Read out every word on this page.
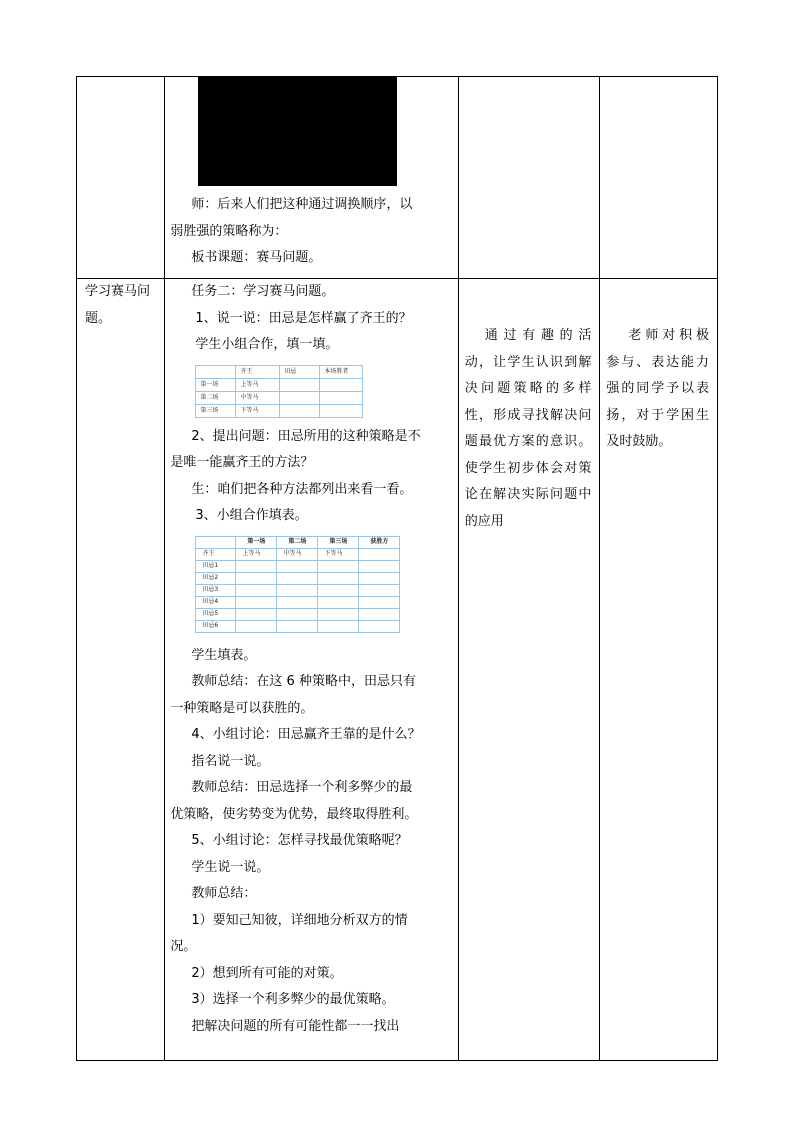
师：后来人们把这种通过调换顺序，以
弱胜强的策略称为：
板书课题：赛马问题。

学习赛马问
题。

任务二：学习赛马问题。
1、说一说：田忌是怎样赢了齐王的？
学生小组合作，填一填。
	齐王	田忌	本场胜者
第一场	上等马		
第二场	中等马		
第三场	下等马		
2、提出问题：田忌所用的这种策略是不
是唯一能赢齐王的方法？
生：咱们把各种方法都列出来看一看。
3、小组合作填表。
	第一场	第二场	第三场	获胜方
齐王	上等马	中等马	下等马	
田忌1				
田忌2				
田忌3				
田忌4				
田忌5				
田忌6				
学生填表。
教师总结：在这 6 种策略中，田忌只有
一种策略是可以获胜的。
4、小组讨论：田忌赢齐王靠的是什么？
指名说一说。
教师总结：田忌选择一个利多弊少的最
优策略，使劣势变为优势，最终取得胜利。
5、小组讨论：怎样寻找最优策略呢？
学生说一说。
教师总结：
1）要知己知彼，详细地分析双方的情
况。
2）想到所有可能的对策。
3）选择一个利多弊少的最优策略。
把解决问题的所有可能性都一一找出

通过有趣的活
动，让学生认识到解
决问题策略的多样
性，形成寻找解决问
题最优方案的意识。
使学生初步体会对策
论在解决实际问题中
的应用

老师对积极
参与、表达能力
强的同学予以表
扬，对于学困生
及时鼓励。
